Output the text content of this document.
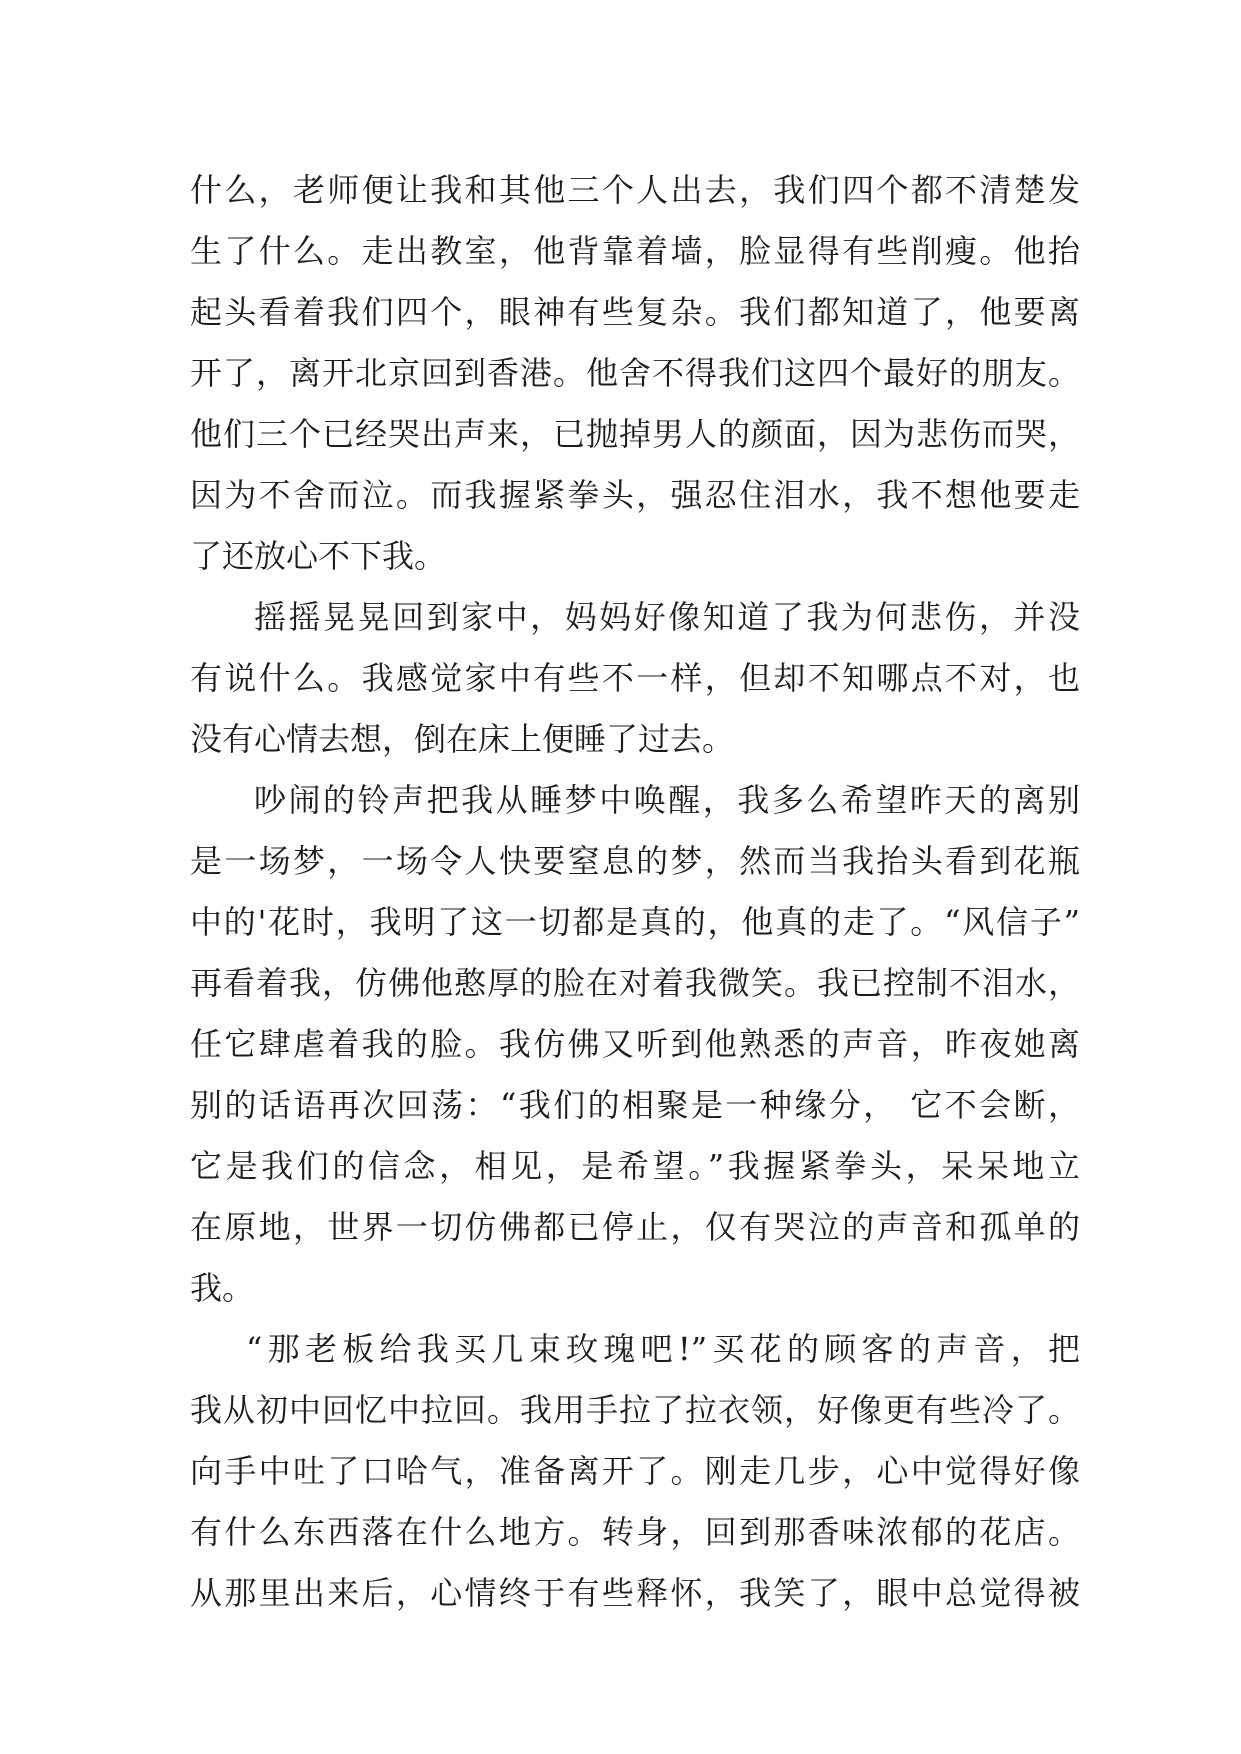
什么，老师便让我和其他三个人出去，我们四个都不清楚发
生了什么。走出教室，他背靠着墙，脸显得有些削瘦。他抬
起头看着我们四个，眼神有些复杂。我们都知道了，他要离
开了，离开北京回到香港。他舍不得我们这四个最好的朋友。
他们三个已经哭出声来，已抛掉男人的颜面，因为悲伤而哭，
因为不舍而泣。而我握紧拳头，强忍住泪水，我不想他要走
了还放心不下我。
摇摇晃晃回到家中，妈妈好像知道了我为何悲伤，并没
有说什么。我感觉家中有些不一样，但却不知哪点不对，也
没有心情去想，倒在床上便睡了过去。
吵闹的铃声把我从睡梦中唤醒，我多么希望昨天的离别
是一场梦，一场令人快要窒息的梦，然而当我抬头看到花瓶
中的'花时，我明了这一切都是真的，他真的走了。“风信子”
再看着我，仿佛他憨厚的脸在对着我微笑。我已控制不泪水，
任它肆虐着我的脸。我仿佛又听到他熟悉的声音，昨夜她离
别的话语再次回荡：“我们的相聚是一种缘分， 它不会断，
它是我们的信念，相见，是希望。”我握紧拳头，呆呆地立
在原地，世界一切仿佛都已停止，仅有哭泣的声音和孤单的
我。
“那老板给我买几束玫瑰吧!”买花的顾客的声音，把
我从初中回忆中拉回。我用手拉了拉衣领，好像更有些冷了。
向手中吐了口哈气，准备离开了。刚走几步，心中觉得好像
有什么东西落在什么地方。转身，回到那香味浓郁的花店。
从那里出来后，心情终于有些释怀，我笑了，眼中总觉得被
